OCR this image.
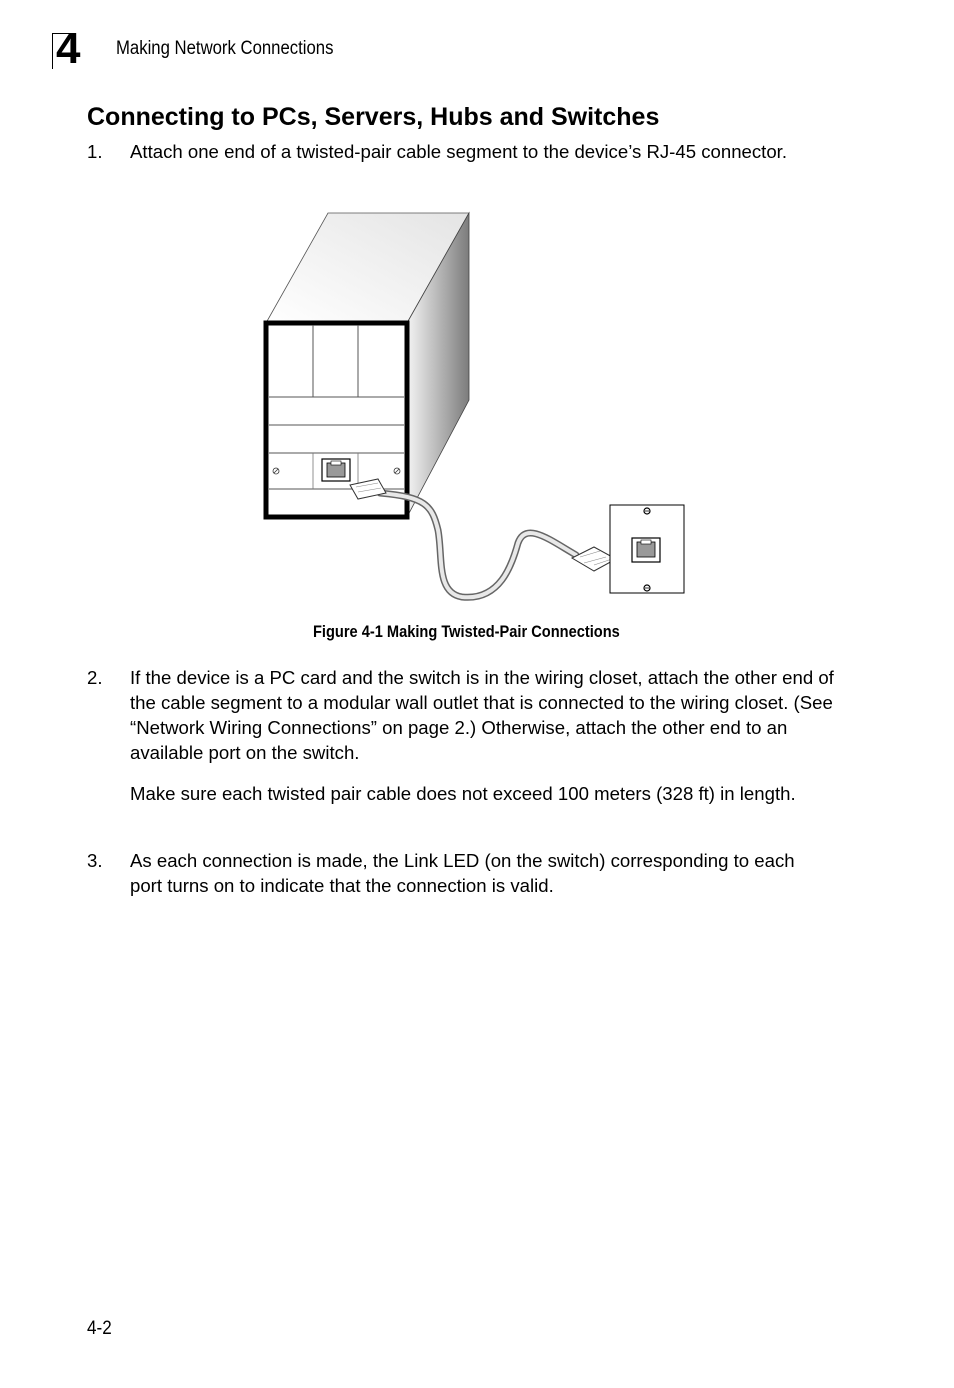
4 Making Network Connections
Connecting to PCs, Servers, Hubs and Switches
1. Attach one end of a twisted-pair cable segment to the device’s RJ-45 connector.
Figure 4-1 Making Twisted-Pair Connections
2. If the device is a PC card and the switch is in the wiring closet, attach the other end of the cable segment to a modular wall outlet that is connected to the wiring closet. (See “Network Wiring Connections” on page 2.) Otherwise, attach the other end to an available port on the switch.
Make sure each twisted pair cable does not exceed 100 meters (328 ft) in length.
3. As each connection is made, the Link LED (on the switch) corresponding to each port turns on to indicate that the connection is valid.
4-2
